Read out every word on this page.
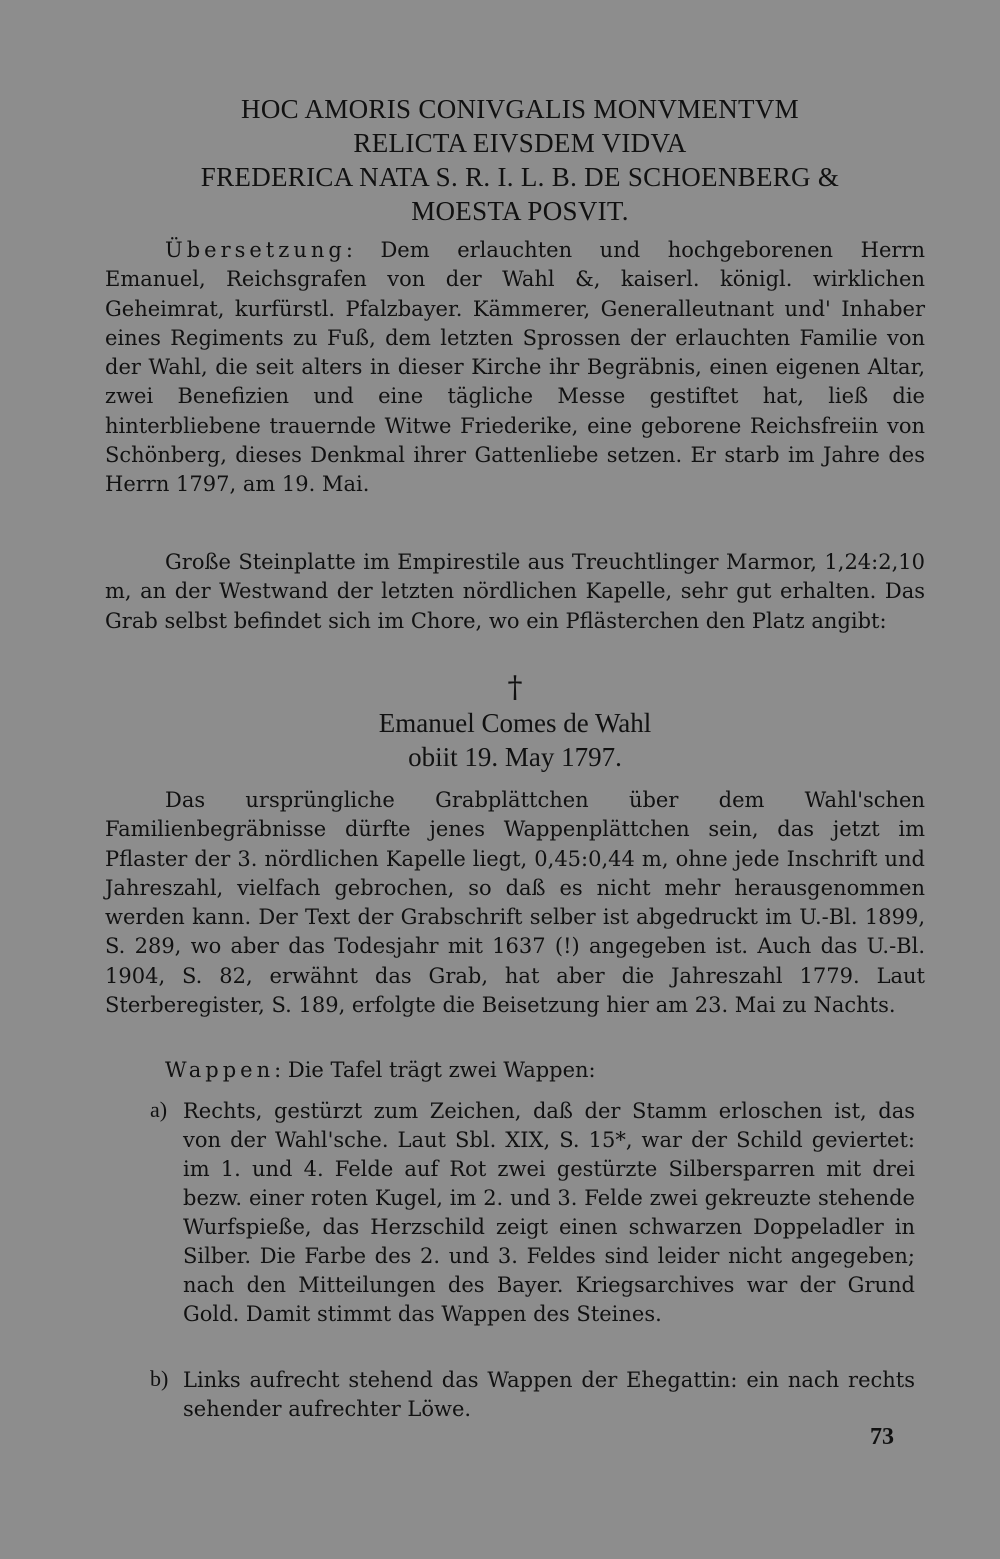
HOC AMORIS CONIVGALIS MONVMENTVM
RELICTA EIVSDEM VIDVA
FREDERICA NATA S. R. I. L. B. DE SCHOENBERG &
MOESTA POSVIT.

Übersetzung: Dem erlauchten und hochgeborenen Herrn Emanuel, Reichsgrafen von der Wahl &, kaiserl. königl. wirklichen Geheimrat, kurfürstl. Pfalzbayer. Kämmerer, Generalleutnant und' Inhaber eines Regiments zu Fuß, dem letzten Sprossen der erlauchten Familie von der Wahl, die seit alters in dieser Kirche ihr Begräbnis, einen eigenen Altar, zwei Benefizien und eine tägliche Messe gestiftet hat, ließ die hinterbliebene trauernde Witwe Friederike, eine geborene Reichsfreiin von Schönberg, dieses Denkmal ihrer Gattenliebe setzen. Er starb im Jahre des Herrn 1797, am 19. Mai.

Große Steinplatte im Empirestile aus Treuchtlinger Marmor, 1,24:2,10 m, an der Westwand der letzten nördlichen Kapelle, sehr gut erhalten. Das Grab selbst befindet sich im Chore, wo ein Pflästerchen den Platz angibt:

†
Emanuel Comes de Wahl
obiit 19. May 1797.

Das ursprüngliche Grabplättchen über dem Wahl'schen Familienbegräbnisse dürfte jenes Wappenplättchen sein, das jetzt im Pflaster der 3. nördlichen Kapelle liegt, 0,45:0,44 m, ohne jede Inschrift und Jahreszahl, vielfach gebrochen, so daß es nicht mehr herausgenommen werden kann. Der Text der Grabschrift selber ist abgedruckt im U.-Bl. 1899, S. 289, wo aber das Todesjahr mit 1637 (!) angegeben ist. Auch das U.-Bl. 1904, S. 82, erwähnt das Grab, hat aber die Jahreszahl 1779. Laut Sterberegister, S. 189, erfolgte die Beisetzung hier am 23. Mai zu Nachts.

Wappen: Die Tafel trägt zwei Wappen:

a) Rechts, gestürzt zum Zeichen, daß der Stamm erloschen ist, das von der Wahl'sche. Laut Sbl. XIX, S. 15*, war der Schild geviertet: im 1. und 4. Felde auf Rot zwei gestürzte Silbersparren mit drei bezw. einer roten Kugel, im 2. und 3. Felde zwei gekreuzte stehende Wurfspieße, das Herzschild zeigt einen schwarzen Doppeladler in Silber. Die Farbe des 2. und 3. Feldes sind leider nicht angegeben; nach den Mitteilungen des Bayer. Kriegsarchives war der Grund Gold. Damit stimmt das Wappen des Steines.

b) Links aufrecht stehend das Wappen der Ehegattin: ein nach rechts sehender aufrechter Löwe.

73
